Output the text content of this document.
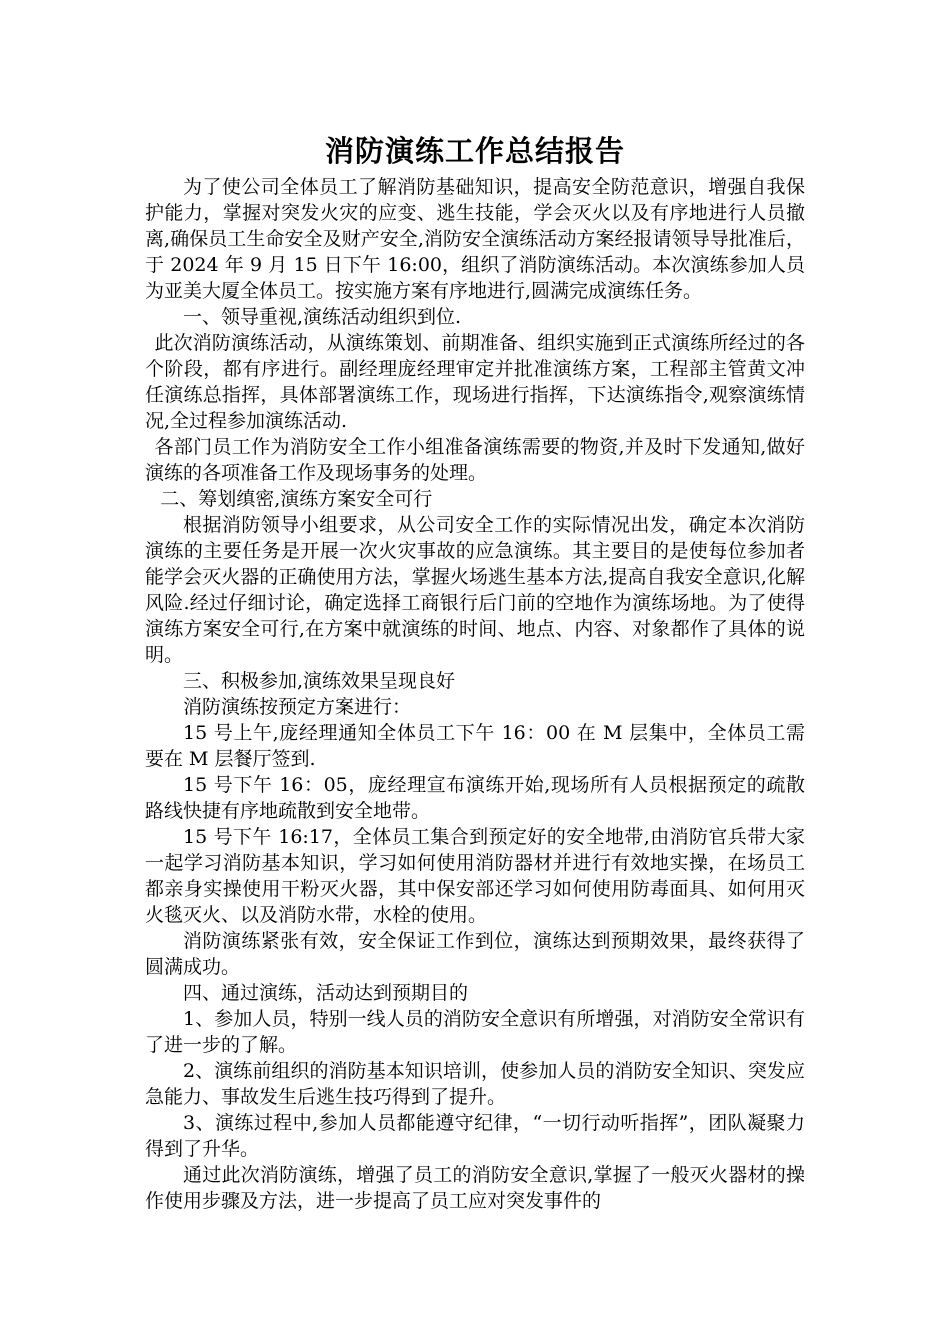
消防演练工作总结报告

为了使公司全体员工了解消防基础知识，提高安全防范意识，增强自我保护能力，掌握对突发火灾的应变、逃生技能，学会灭火以及有序地进行人员撤离,确保员工生命安全及财产安全,消防安全演练活动方案经报请领导导批准后，于 2024 年 9 月 15 日下午 16:00，组织了消防演练活动。本次演练参加人员为亚美大厦全体员工。按实施方案有序地进行,圆满完成演练任务。

一、领导重视,演练活动组织到位.

此次消防演练活动，从演练策划、前期准备、组织实施到正式演练所经过的各个阶段，都有序进行。副经理庞经理审定并批准演练方案，工程部主管黄文冲任演练总指挥，具体部署演练工作，现场进行指挥，下达演练指令,观察演练情况,全过程参加演练活动.

各部门员工作为消防安全工作小组准备演练需要的物资,并及时下发通知,做好演练的各项准备工作及现场事务的处理。

二、筹划缜密,演练方案安全可行

根据消防领导小组要求，从公司安全工作的实际情况出发，确定本次消防演练的主要任务是开展一次火灾事故的应急演练。其主要目的是使每位参加者能学会灭火器的正确使用方法，掌握火场逃生基本方法,提高自我安全意识,化解风险.经过仔细讨论，确定选择工商银行后门前的空地作为演练场地。为了使得演练方案安全可行,在方案中就演练的时间、地点、内容、对象都作了具体的说明。

三、积极参加,演练效果呈现良好

消防演练按预定方案进行：

15 号上午,庞经理通知全体员工下午 16：00 在 M 层集中，全体员工需要在 M 层餐厅签到.

15 号下午 16：05，庞经理宣布演练开始,现场所有人员根据预定的疏散路线快捷有序地疏散到安全地带。

15 号下午 16:17，全体员工集合到预定好的安全地带,由消防官兵带大家一起学习消防基本知识，学习如何使用消防器材并进行有效地实操，在场员工都亲身实操使用干粉灭火器，其中保安部还学习如何使用防毒面具、如何用灭火毯灭火、以及消防水带，水栓的使用。

消防演练紧张有效，安全保证工作到位，演练达到预期效果，最终获得了圆满成功。

四、通过演练，活动达到预期目的

1、参加人员，特别一线人员的消防安全意识有所增强，对消防安全常识有了进一步的了解。

2、演练前组织的消防基本知识培训，使参加人员的消防安全知识、突发应急能力、事故发生后逃生技巧得到了提升。

3、演练过程中,参加人员都能遵守纪律，“一切行动听指挥”，团队凝聚力得到了升华。

通过此次消防演练，增强了员工的消防安全意识,掌握了一般灭火器材的操作使用步骤及方法，进一步提高了员工应对突发事件的
